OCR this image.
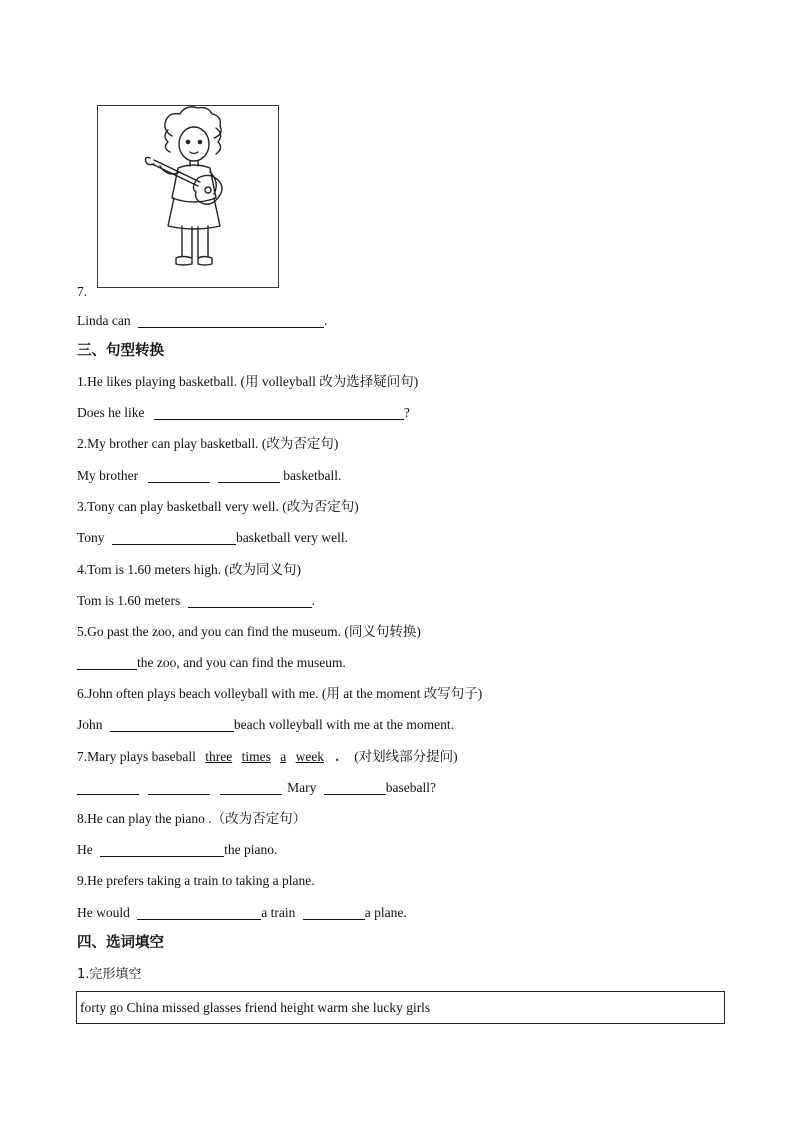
7.
Linda can	.
三、句型转换
1.He likes playing basketball. (用 volleyball 改为选择疑问句)
Does he like	?
2.My brother can play basketball. (改为否定句)
My brother	basketball.
3.Tony can play basketball very well. (改为否定句)
Tony	basketball very well.
4.Tom is 1.60 meters high. (改为同义句)
Tom is 1.60 meters	.
5.Go past the zoo, and you can find the museum. (同义句转换)
the zoo, and you can find the museum.
6.John often plays beach volleyball with me. (用 at the moment 改写句子)
John	beach volleyball with me at the moment.
7.Mary plays baseball three times a week . (对划线部分提问)
Mary	baseball?
8.He can play the piano .（改为否定句）
He	the piano.
9.He prefers taking a train to taking a plane.
He would	a train	a plane.
四、选词填空
1.完形填空
forty go China missed glasses friend height warm she lucky girls
